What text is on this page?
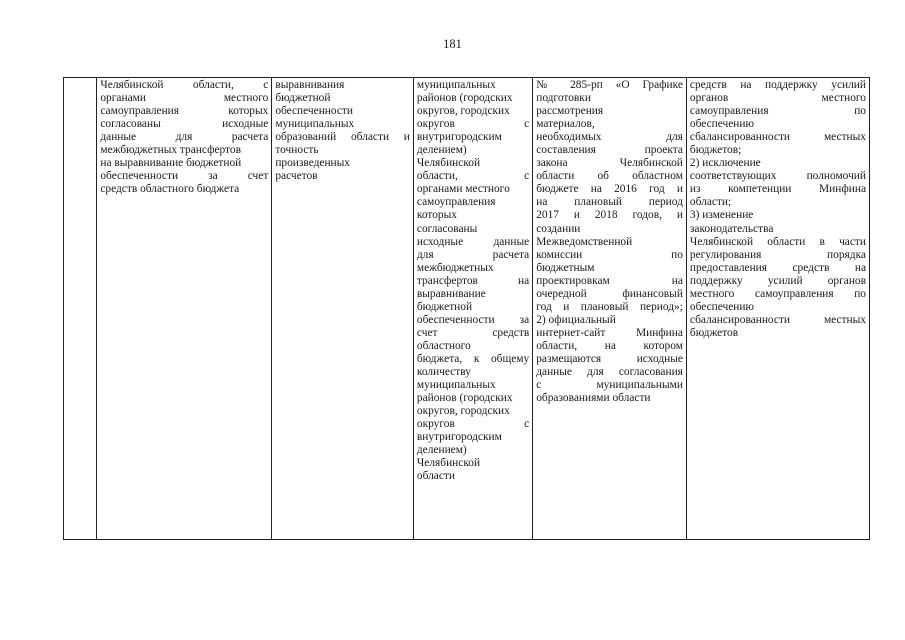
181

Челябинской области, с
органами местного
самоуправления которых
согласованы исходные
данные для расчета
межбюджетных трансфертов
на выравнивание бюджетной
обеспеченности за счет
средств областного бюджета

выравнивания
бюджетной
обеспеченности
муниципальных
образований области и
точность
произведенных
расчетов

муниципальных
районов (городских
округов, городских
округов с
внутригородским
делением)
Челябинской
области, с
органами местного
самоуправления
которых
согласованы
исходные данные
для расчета
межбюджетных
трансфертов на
выравнивание
бюджетной
обеспеченности за
счет средств
областного
бюджета, к общему
количеству
муниципальных
районов (городских
округов, городских
округов с
внутригородским
делением)
Челябинской
области

№ 285-рп «О Графике
подготовки
рассмотрения
материалов,
необходимых для
составления проекта
закона Челябинской
области об областном
бюджете на 2016 год и
на плановый период
2017 и 2018 годов, и
создании
Межведомственной
комиссии по
бюджетным
проектировкам на
очередной финансовый
год и плановый период»;
2) официальный
интернет-сайт Минфина
области, на котором
размещаются исходные
данные для согласования
с муниципальными
образованиями области

средств на поддержку усилий
органов местного
самоуправления по
обеспечению
сбалансированности местных
бюджетов;
2) исключение
соответствующих полномочий
из компетенции Минфина
области;
3) изменение
законодательства
Челябинской области в части
регулирования порядка
предоставления средств на
поддержку усилий органов
местного самоуправления по
обеспечению
сбалансированности местных
бюджетов
